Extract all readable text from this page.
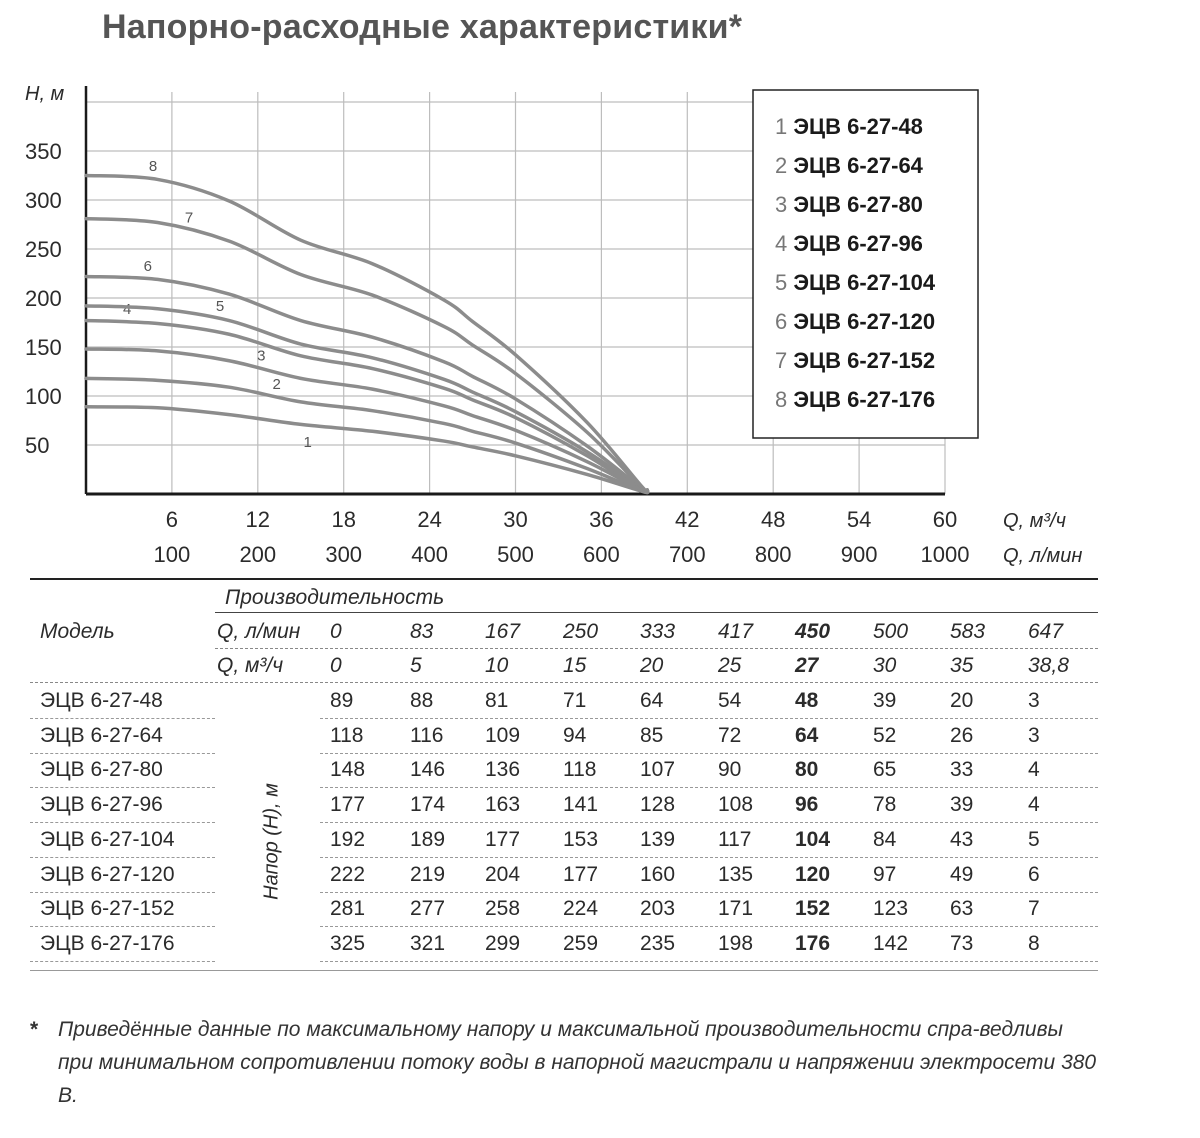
Напорно-расходные характеристики*
50
100
150
200
250
300
350
H, м
6	12	18	24	30	36	42	48	54	60
100 200 300 400 500 600 700 800 900 1000
Q, м³/ч
Q, л/мин
1
2
3
4	5
6
7
8
1 ЭЦВ 6-27-48
2 ЭЦВ 6-27-64
3 ЭЦВ 6-27-80
4 ЭЦВ 6-27-96
5 ЭЦВ 6-27-104
6 ЭЦВ 6-27-120
7 ЭЦВ 6-27-152
8 ЭЦВ 6-27-176
Производительность
Модель	Q, л/мин 0	83 167 250 333 417 450 500 583 647
Q, м³/ч 0	5	10	15	20	25	27	30	35	38,8
ЭЦВ 6-27-48	89	88 81	71	64	54	48	39	20	3
ЭЦВ 6-27-64	118 116 109 94	85	72	64	52	26	3
ЭЦВ 6-27-80	148 146 136 118 107 90	80	65	33	4
ЭЦВ 6-27-96	177 174 163 141 128 108 96	78	39	4
ЭЦВ 6-27-104	192 189 177 153 139 117 104 84	43	5
ЭЦВ 6-27-120	222 219 204 177 160 135 120 97	49	6
ЭЦВ 6-27-152	281 277 258 224 203 171 152 123 63	7
ЭЦВ 6-27-176	325 321 299 259 235 198 176 142 73	8
Напор (H), м
* Приведённые данные по максимальному напору и максимальной производительности спра-ведливы при минимальном сопротивлении потоку воды в напорной магистрали и напряжении электросети 380 В.
